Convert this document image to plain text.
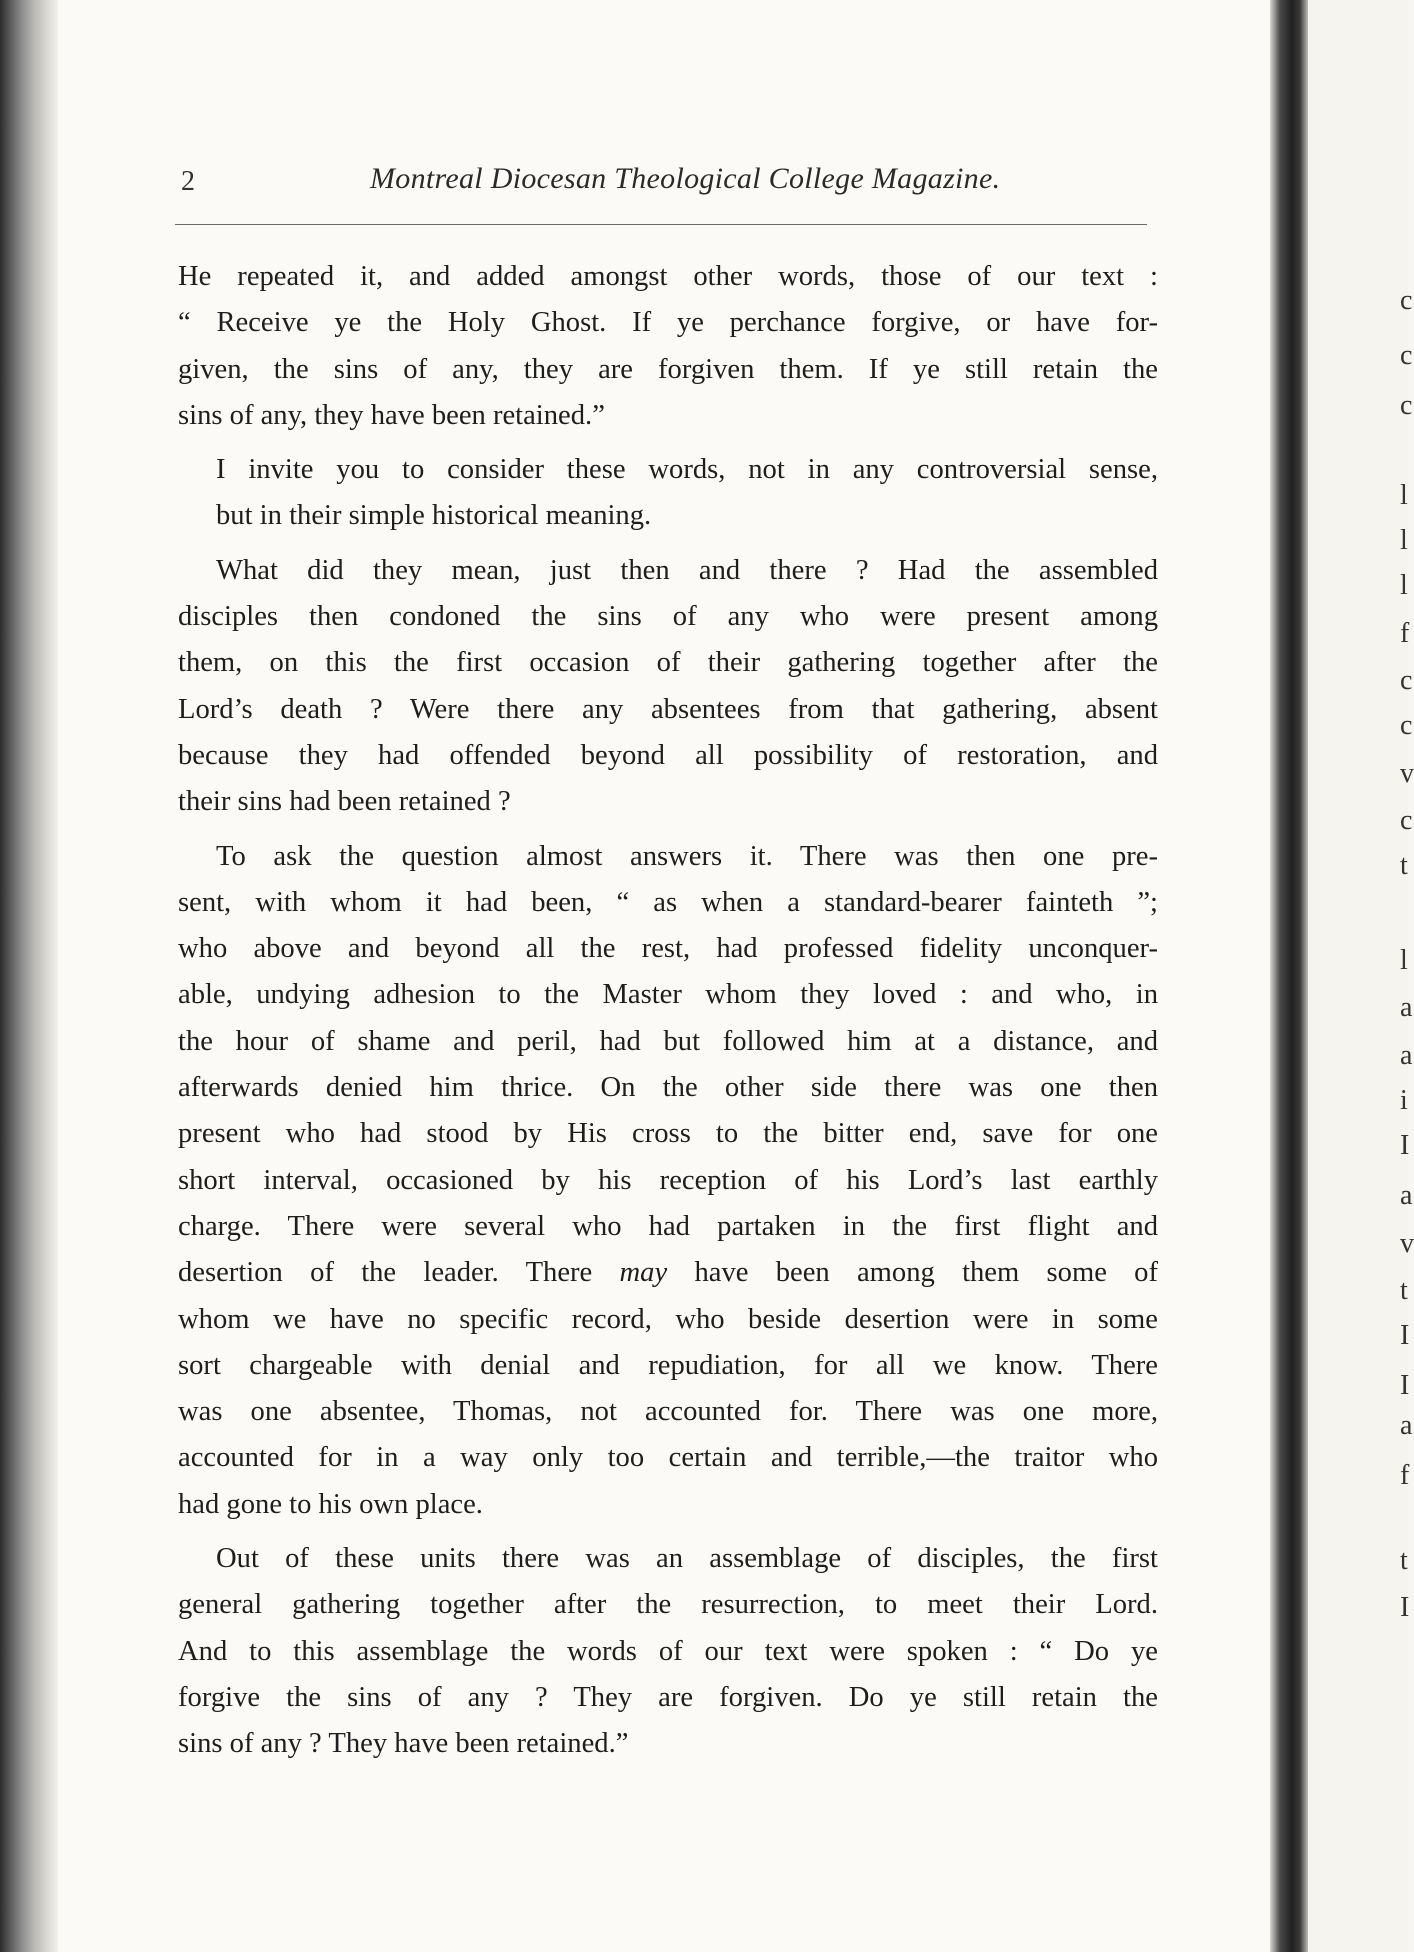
2	Montreal Diocesan Theological College Magazine.

He repeated it, and added amongst other words, those of our text :
“ Receive ye the Holy Ghost. If ye perchance forgive, or have for-
given, the sins of any, they are forgiven them. If ye still retain the
sins of any, they have been retained.”

I invite you to consider these words, not in any controversial sense,
but in their simple historical meaning.

What did they mean, just then and there ? Had the assembled
disciples then condoned the sins of any who were present among
them, on this the first occasion of their gathering together after the
Lord’s death ? Were there any absentees from that gathering, absent
because they had offended beyond all possibility of restoration, and
their sins had been retained ?

To ask the question almost answers it. There was then one pre-
sent, with whom it had been, “ as when a standard-bearer fainteth ”;
who above and beyond all the rest, had professed fidelity unconquer-
able, undying adhesion to the Master whom they loved : and who, in
the hour of shame and peril, had but followed him at a distance, and
afterwards denied him thrice. On the other side there was one then
present who had stood by His cross to the bitter end, save for one
short interval, occasioned by his reception of his Lord’s last earthly
charge. There were several who had partaken in the first flight and
desertion of the leader. There may have been among them some of
whom we have no specific record, who beside desertion were in some
sort chargeable with denial and repudiation, for all we know. There
was one absentee, Thomas, not accounted for. There was one more,
accounted for in a way only too certain and terrible,—the traitor who
had gone to his own place.

Out of these units there was an assemblage of disciples, the first
general gathering together after the resurrection, to meet their Lord.
And to this assemblage the words of our text were spoken : “ Do ye
forgive the sins of any ? They are forgiven. Do ye still retain the
sins of any ? They have been retained.”

c
c
c
l
l
l
f
c
c
v
c
t
l
a
a
i
I
a
v
t
I
I
a
f
t
I
